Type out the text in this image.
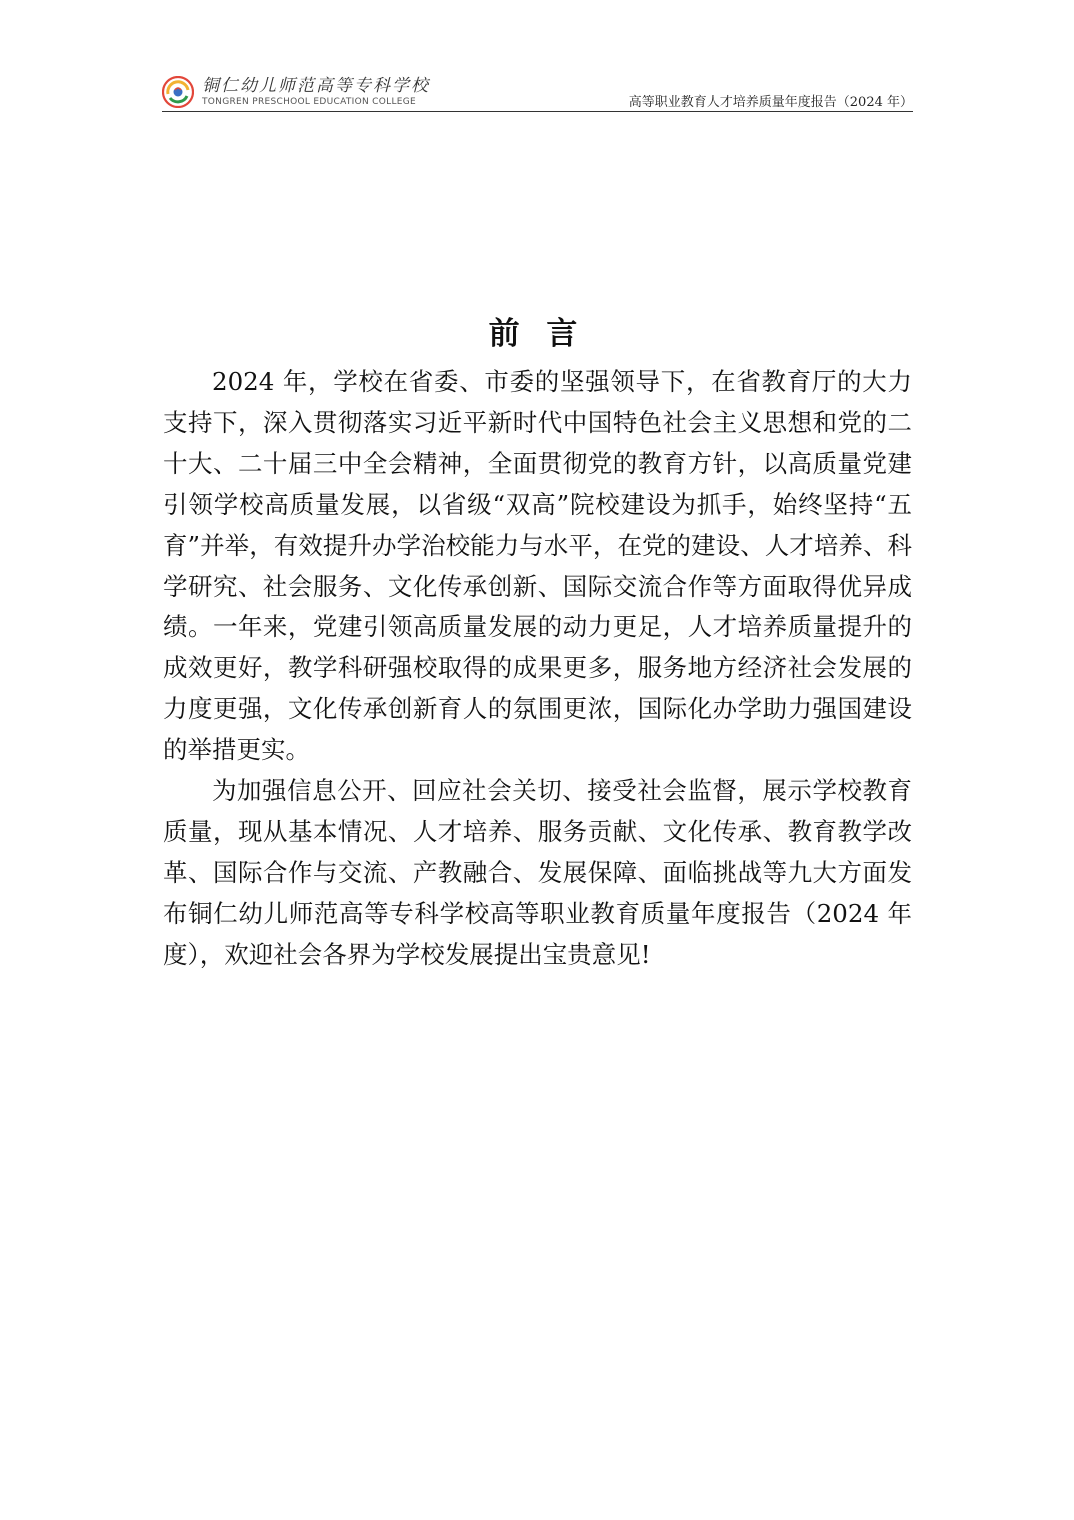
铜仁幼儿师范高等专科学校
TONGREN PRESCHOOL EDUCATION COLLEGE	高等职业教育人才培养质量年度报告（2024 年）
前 言

2024 年，学校在省委、市委的坚强领导下，在省教育厅的大力支持下，深入贯彻落实习近平新时代中国特色社会主义思想和党的二十大、二十届三中全会精神，全面贯彻党的教育方针，以高质量党建引领学校高质量发展，以省级“双高”院校建设为抓手，始终坚持“五育”并举，有效提升办学治校能力与水平，在党的建设、人才培养、科学研究、社会服务、文化传承创新、国际交流合作等方面取得优异成绩。一年来，党建引领高质量发展的动力更足，人才培养质量提升的成效更好，教学科研强校取得的成果更多，服务地方经济社会发展的力度更强，文化传承创新育人的氛围更浓，国际化办学助力强国建设的举措更实。

为加强信息公开、回应社会关切、接受社会监督，展示学校教育质量，现从基本情况、人才培养、服务贡献、文化传承、教育教学改革、国际合作与交流、产教融合、发展保障、面临挑战等九大方面发布铜仁幼儿师范高等专科学校高等职业教育质量年度报告（2024 年度），欢迎社会各界为学校发展提出宝贵意见!
